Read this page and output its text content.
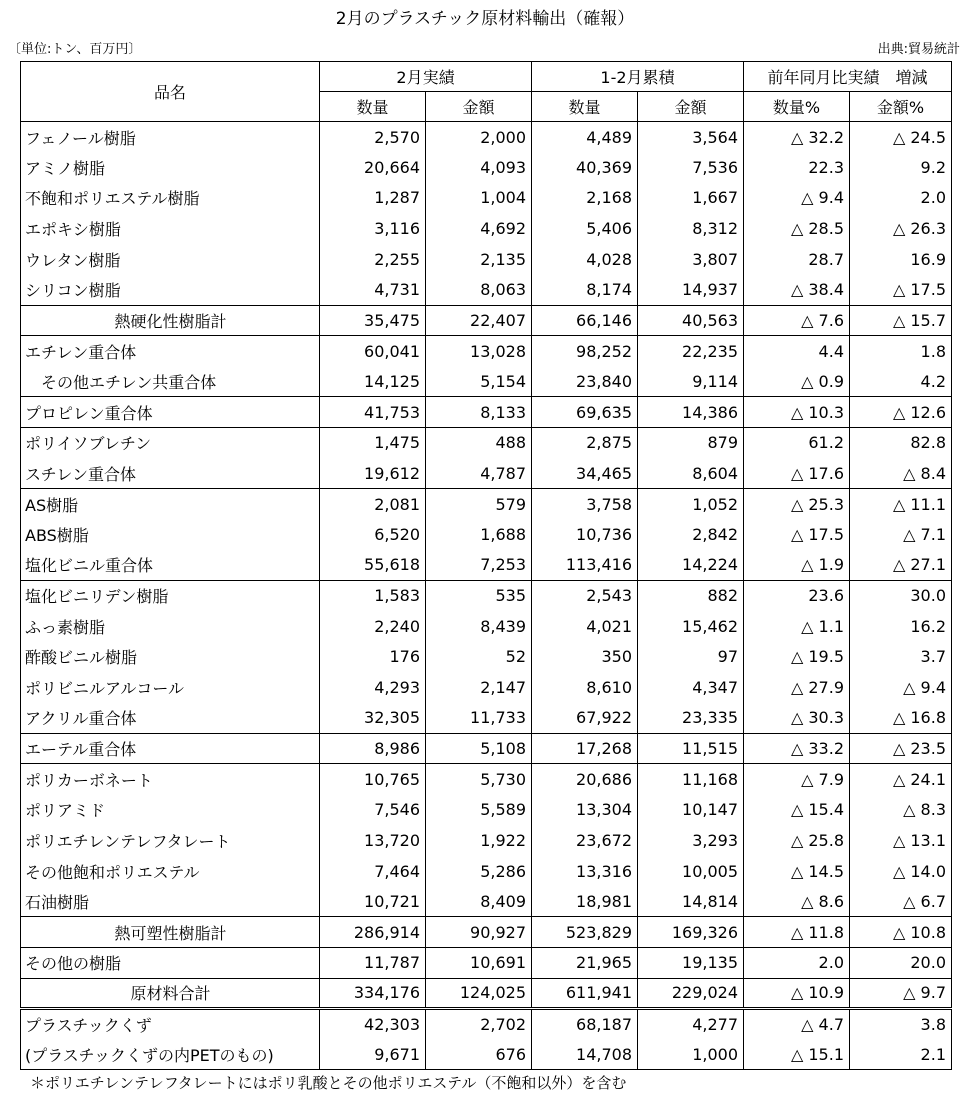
2月のプラスチック原材料輸出（確報）
〔単位:トン、百万円〕	出典:貿易統計
品名	2月実績		1-2月累積		前年同月比実績　増減	
	数量	金額	数量	金額	数量%	金額%
フェノール樹脂	2,570	2,000	4,489	3,564	△ 32.2	△ 24.5
アミノ樹脂	20,664	4,093	40,369	7,536	22.3	9.2
不飽和ポリエステル樹脂	1,287	1,004	2,168	1,667	△ 9.4	2.0
エポキシ樹脂	3,116	4,692	5,406	8,312	△ 28.5	△ 26.3
ウレタン樹脂	2,255	2,135	4,028	3,807	28.7	16.9
シリコン樹脂	4,731	8,063	8,174	14,937	△ 38.4	△ 17.5
熱硬化性樹脂計	35,475	22,407	66,146	40,563	△ 7.6	△ 15.7
エチレン重合体	60,041	13,028	98,252	22,235	4.4	1.8
その他エチレン共重合体	14,125	5,154	23,840	9,114	△ 0.9	4.2
プロピレン重合体	41,753	8,133	69,635	14,386	△ 10.3	△ 12.6
ポリイソブレチン	1,475	488	2,875	879	61.2	82.8
スチレン重合体	19,612	4,787	34,465	8,604	△ 17.6	△ 8.4
AS樹脂	2,081	579	3,758	1,052	△ 25.3	△ 11.1
ABS樹脂	6,520	1,688	10,736	2,842	△ 17.5	△ 7.1
塩化ビニル重合体	55,618	7,253	113,416	14,224	△ 1.9	△ 27.1
塩化ビニリデン樹脂	1,583	535	2,543	882	23.6	30.0
ふっ素樹脂	2,240	8,439	4,021	15,462	△ 1.1	16.2
酢酸ビニル樹脂	176	52	350	97	△ 19.5	3.7
ポリビニルアルコール	4,293	2,147	8,610	4,347	△ 27.9	△ 9.4
アクリル重合体	32,305	11,733	67,922	23,335	△ 30.3	△ 16.8
エーテル重合体	8,986	5,108	17,268	11,515	△ 33.2	△ 23.5
ポリカーボネート	10,765	5,730	20,686	11,168	△ 7.9	△ 24.1
ポリアミド	7,546	5,589	13,304	10,147	△ 15.4	△ 8.3
ポリエチレンテレフタレート	13,720	1,922	23,672	3,293	△ 25.8	△ 13.1
その他飽和ポリエステル	7,464	5,286	13,316	10,005	△ 14.5	△ 14.0
石油樹脂	10,721	8,409	18,981	14,814	△ 8.6	△ 6.7
熱可塑性樹脂計	286,914	90,927	523,829	169,326	△ 11.8	△ 10.8
その他の樹脂	11,787	10,691	21,965	19,135	2.0	20.0
原材料合計	334,176	124,025	611,941	229,024	△ 10.9	△ 9.7
プラスチックくず	42,303	2,702	68,187	4,277	△ 4.7	3.8
(プラスチックくずの内PETのもの)	9,671	676	14,708	1,000	△ 15.1	2.1
＊ポリエチレンテレフタレートにはポリ乳酸とその他ポリエステル（不飽和以外）を含む
